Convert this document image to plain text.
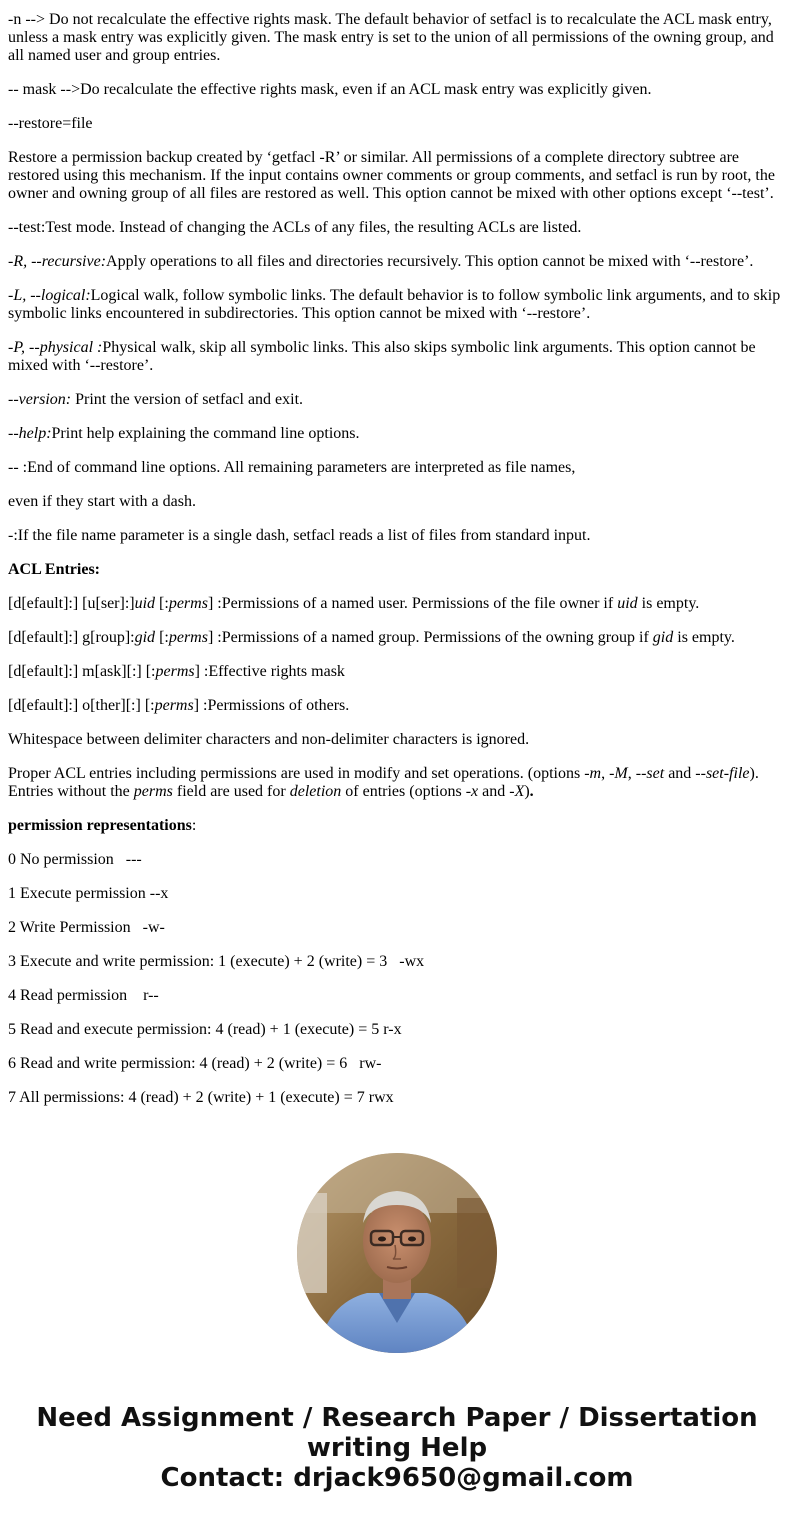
-n --> Do not recalculate the effective rights mask. The default behavior of setfacl is to recalculate the ACL mask entry, unless a mask entry was explicitly given. The mask entry is set to the union of all permissions of the owning group, and all named user and group entries.

-- mask -->Do recalculate the effective rights mask, even if an ACL mask entry was explicitly given.

--restore=file

Restore a permission backup created by ‘getfacl -R’ or similar. All permissions of a complete directory subtree are restored using this mechanism. If the input contains owner comments or group comments, and setfacl is run by root, the owner and owning group of all files are restored as well. This option cannot be mixed with other options except ‘--test’.

--test:Test mode. Instead of changing the ACLs of any files, the resulting ACLs are listed.

-R, --recursive:Apply operations to all files and directories recursively. This option cannot be mixed with ‘--restore’.

-L, --logical:Logical walk, follow symbolic links. The default behavior is to follow symbolic link arguments, and to skip symbolic links encountered in subdirectories. This option cannot be mixed with ‘--restore’.

-P, --physical :Physical walk, skip all symbolic links. This also skips symbolic link arguments. This option cannot be mixed with ‘--restore’.

--version: Print the version of setfacl and exit.

--help:Print help explaining the command line options.

-- :End of command line options. All remaining parameters are interpreted as file names,

even if they start with a dash.

-:If the file name parameter is a single dash, setfacl reads a list of files from standard input.

ACL Entries:

[d[efault]:] [u[ser]:]uid [:perms] :Permissions of a named user. Permissions of the file owner if uid is empty.

[d[efault]:] g[roup]:gid [:perms] :Permissions of a named group. Permissions of the owning group if gid is empty.

[d[efault]:] m[ask][:] [:perms] :Effective rights mask

[d[efault]:] o[ther][:] [:perms] :Permissions of others.

Whitespace between delimiter characters and non-delimiter characters is ignored.

Proper ACL entries including permissions are used in modify and set operations. (options -m, -M, --set and --set-file). Entries without the perms field are used for deletion of entries (options -x and -X).

permission representations:

0 No permission   ---

1 Execute permission --x

2 Write Permission   -w-

3 Execute and write permission: 1 (execute) + 2 (write) = 3   -wx

4 Read permission    r--

5 Read and execute permission: 4 (read) + 1 (execute) = 5 r-x

6 Read and write permission: 4 (read) + 2 (write) = 6   rw-

7 All permissions: 4 (read) + 2 (write) + 1 (execute) = 7 rwx

Need Assignment / Research Paper / Dissertation
writing Help
Contact: drjack9650@gmail.com
